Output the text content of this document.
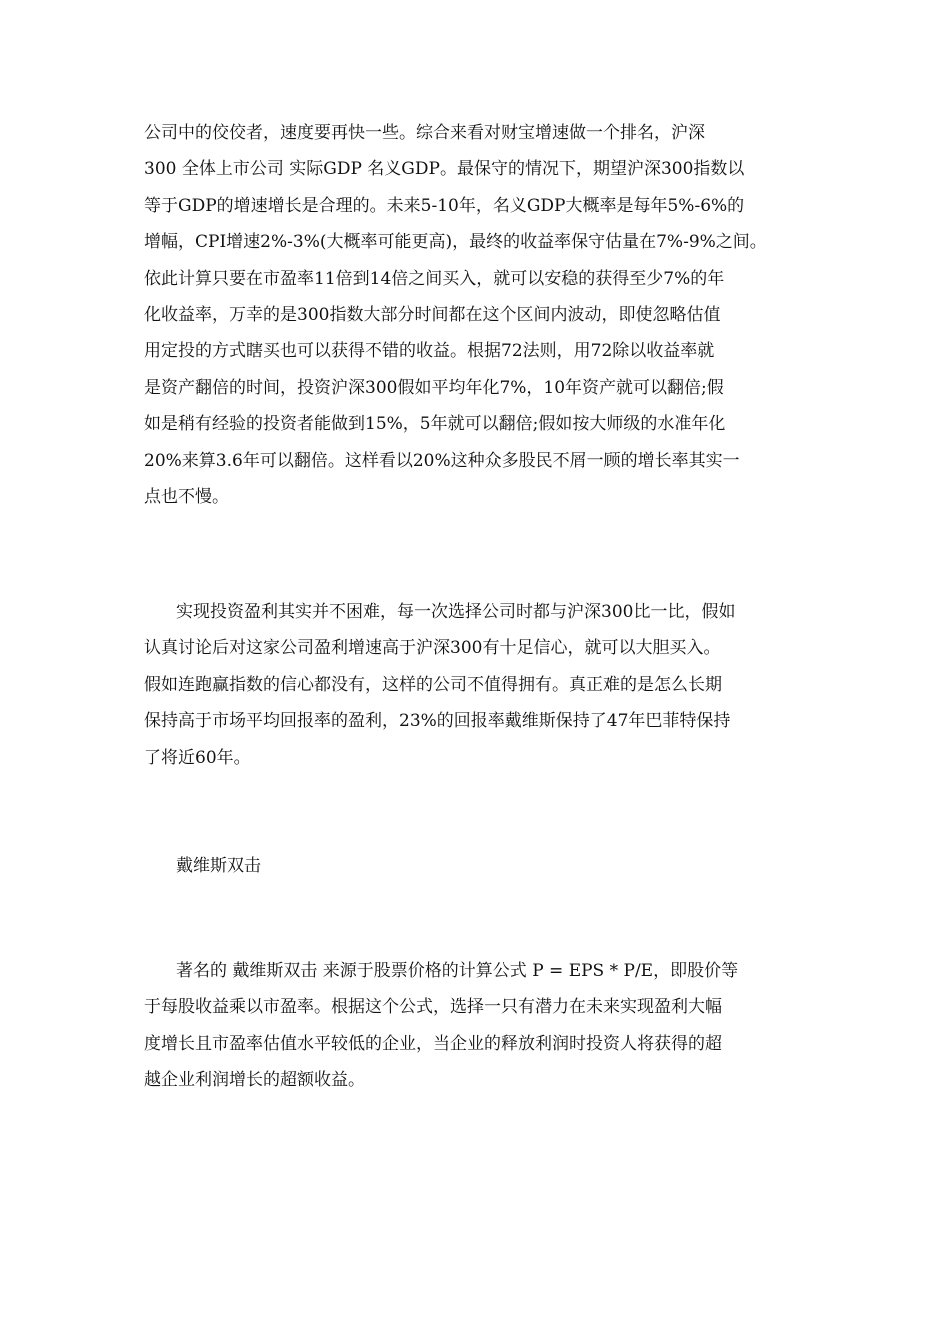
公司中的佼佼者，速度要再快一些。综合来看对财宝增速做一个排名，沪深
300 全体上市公司 实际GDP 名义GDP。最保守的情况下，期望沪深300指数以
等于GDP的增速增长是合理的。未来5-10年，名义GDP大概率是每年5%-6%的
增幅，CPI增速2%-3%(大概率可能更高)，最终的收益率保守估量在7%-9%之间。
依此计算只要在市盈率11倍到14倍之间买入，就可以安稳的获得至少7%的年
化收益率，万幸的是300指数大部分时间都在这个区间内波动，即使忽略估值
用定投的方式瞎买也可以获得不错的收益。根据72法则，用72除以收益率就
是资产翻倍的时间，投资沪深300假如平均年化7%，10年资产就可以翻倍;假
如是稍有经验的投资者能做到15%，5年就可以翻倍;假如按大师级的水准年化
20%来算3.6年可以翻倍。这样看以20%这种众多股民不屑一顾的增长率其实一
点也不慢。

实现投资盈利其实并不困难，每一次选择公司时都与沪深300比一比，假如
认真讨论后对这家公司盈利增速高于沪深300有十足信心，就可以大胆买入。
假如连跑赢指数的信心都没有，这样的公司不值得拥有。真正难的是怎么长期
保持高于市场平均回报率的盈利，23%的回报率戴维斯保持了47年巴菲特保持
了将近60年。

戴维斯双击

著名的 戴维斯双击 来源于股票价格的计算公式 P = EPS * P/E，即股价等
于每股收益乘以市盈率。根据这个公式，选择一只有潜力在未来实现盈利大幅
度增长且市盈率估值水平较低的企业，当企业的释放利润时投资人将获得的超
越企业利润增长的超额收益。
